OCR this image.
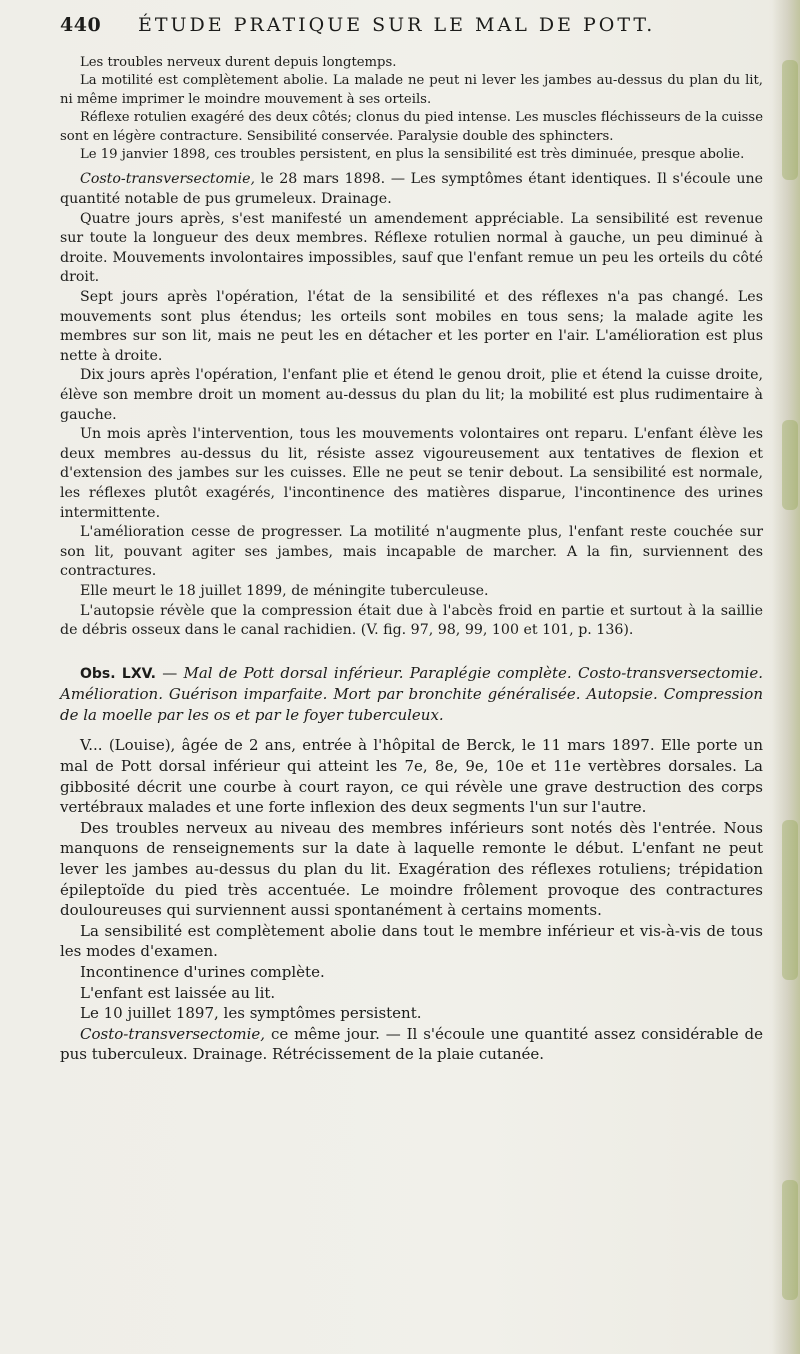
440 ÉTUDE PRATIQUE SUR LE MAL DE POTT.

Les troubles nerveux durent depuis longtemps.

La motilité est complètement abolie. La malade ne peut ni lever les jambes au-dessus du plan du lit, ni même imprimer le moindre mouvement à ses orteils.

Réflexe rotulien exagéré des deux côtés; clonus du pied intense. Les muscles fléchisseurs de la cuisse sont en légère contracture. Sensibilité conservée. Paralysie double des sphincters.

Le 19 janvier 1898, ces troubles persistent, en plus la sensibilité est très diminuée, presque abolie.

Costo-transversectomie, le 28 mars 1898. — Les symptômes étant identiques. Il s'écoule une quantité notable de pus grumeleux. Drainage.

Quatre jours après, s'est manifesté un amendement appréciable. La sensibilité est revenue sur toute la longueur des deux membres. Réflexe rotulien normal à gauche, un peu diminué à droite. Mouvements involontaires impossibles, sauf que l'enfant remue un peu les orteils du côté droit.

Sept jours après l'opération, l'état de la sensibilité et des réflexes n'a pas changé. Les mouvements sont plus étendus; les orteils sont mobiles en tous sens; la malade agite les membres sur son lit, mais ne peut les en détacher et les porter en l'air. L'amélioration est plus nette à droite.

Dix jours après l'opération, l'enfant plie et étend le genou droit, plie et étend la cuisse droite, élève son membre droit un moment au-dessus du plan du lit; la mobilité est plus rudimentaire à gauche.

Un mois après l'intervention, tous les mouvements volontaires ont reparu. L'enfant élève les deux membres au-dessus du lit, résiste assez vigoureusement aux tentatives de flexion et d'extension des jambes sur les cuisses. Elle ne peut se tenir debout. La sensibilité est normale, les réflexes plutôt exagérés, l'incontinence des matières disparue, l'incontinence des urines intermittente.

L'amélioration cesse de progresser. La motilité n'augmente plus, l'enfant reste couchée sur son lit, pouvant agiter ses jambes, mais incapable de marcher. A la fin, surviennent des contractures.

Elle meurt le 18 juillet 1899, de méningite tuberculeuse.

L'autopsie révèle que la compression était due à l'abcès froid en partie et surtout à la saillie de débris osseux dans le canal rachidien. (V. fig. 97, 98, 99, 100 et 101, p. 136).

Obs. LXV. — Mal de Pott dorsal inférieur. Paraplégie complète. Costo-transversectomie. Amélioration. Guérison imparfaite. Mort par bronchite généralisée. Autopsie. Compression de la moelle par les os et par le foyer tuberculeux.

V... (Louise), âgée de 2 ans, entrée à l'hôpital de Berck, le 11 mars 1897. Elle porte un mal de Pott dorsal inférieur qui atteint les 7e, 8e, 9e, 10e et 11e vertèbres dorsales. La gibbosité décrit une courbe à court rayon, ce qui révèle une grave destruction des corps vertébraux malades et une forte inflexion des deux segments l'un sur l'autre.

Des troubles nerveux au niveau des membres inférieurs sont notés dès l'entrée. Nous manquons de renseignements sur la date à laquelle remonte le début. L'enfant ne peut lever les jambes au-dessus du plan du lit. Exagération des réflexes rotuliens; trépidation épileptoïde du pied très accentuée. Le moindre frôlement provoque des contractures douloureuses qui surviennent aussi spontanément à certains moments.

La sensibilité est complètement abolie dans tout le membre inférieur et vis-à-vis de tous les modes d'examen.

Incontinence d'urines complète.

L'enfant est laissée au lit.

Le 10 juillet 1897, les symptômes persistent.

Costo-transversectomie, ce même jour. — Il s'écoule une quantité assez considérable de pus tuberculeux. Drainage. Rétrécissement de la plaie cutanée.
